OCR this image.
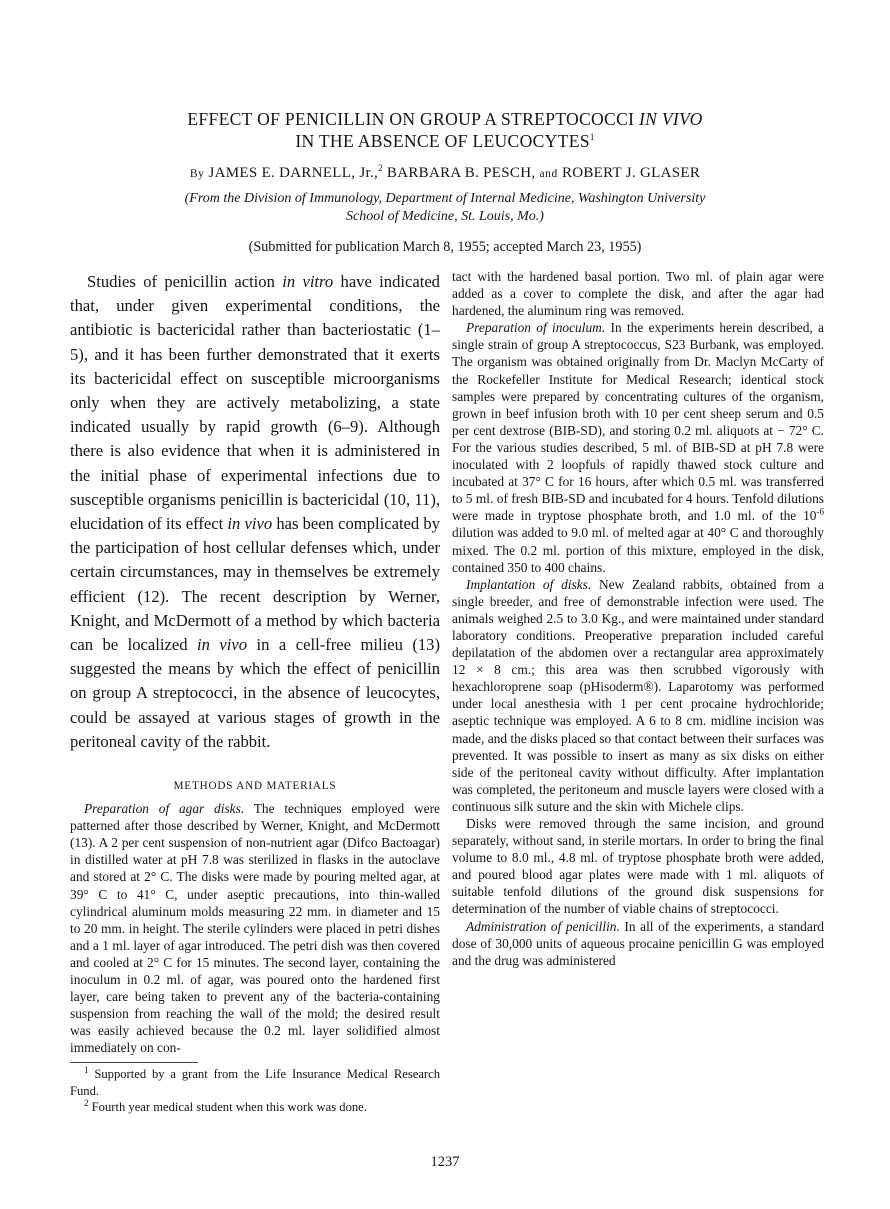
EFFECT OF PENICILLIN ON GROUP A STREPTOCOCCI IN VIVO
IN THE ABSENCE OF LEUCOCYTES$^1$
By JAMES E. DARNELL, Jr.,$^2$ BARBARA B. PESCH, and ROBERT J. GLASER
(From the Division of Immunology, Department of Internal Medicine, Washington University
School of Medicine, St. Louis, Mo.)
(Submitted for publication March 8, 1955; accepted March 23, 1955)

Studies of penicillin action in vitro have indicated that, under given experimental conditions, the antibiotic is bactericidal rather than bacteriostatic (1–5), and it has been further demonstrated that it exerts its bactericidal effect on susceptible microorganisms only when they are actively metabolizing, a state indicated usually by rapid growth (6–9). Although there is also evidence that when it is administered in the initial phase of experimental infections due to susceptible organisms penicillin is bactericidal (10, 11), elucidation of its effect in vivo has been complicated by the participation of host cellular defenses which, under certain circumstances, may in themselves be extremely efficient (12). The recent description by Werner, Knight, and McDermott of a method by which bacteria can be localized in vivo in a cell-free milieu (13) suggested the means by which the effect of penicillin on group A streptococci, in the absence of leucocytes, could be assayed at various stages of growth in the peritoneal cavity of the rabbit.

METHODS AND MATERIALS

Preparation of agar disks. The techniques employed were patterned after those described by Werner, Knight, and McDermott (13). A 2 per cent suspension of non-nutrient agar (Difco Bactoagar) in distilled water at pH 7.8 was sterilized in flasks in the autoclave and stored at 2° C. The disks were made by pouring melted agar, at 39° C to 41° C, under aseptic precautions, into thin-walled cylindrical aluminum molds measuring 22 mm. in diameter and 15 to 20 mm. in height. The sterile cylinders were placed in petri dishes and a 1 ml. layer of agar introduced. The petri dish was then covered and cooled at 2° C for 15 minutes. The second layer, containing the inoculum in 0.2 ml. of agar, was poured onto the hardened first layer, care being taken to prevent any of the bacteria-containing suspension from reaching the wall of the mold; the desired result was easily achieved because the 0.2 ml. layer solidified almost immediately on con-

$^1$ Supported by a grant from the Life Insurance Medical Research Fund.

$^2$ Fourth year medical student when this work was done.

tact with the hardened basal portion. Two ml. of plain agar were added as a cover to complete the disk, and after the agar had hardened, the aluminum ring was removed.

Preparation of inoculum. In the experiments herein described, a single strain of group A streptococcus, S23 Burbank, was employed. The organism was obtained originally from Dr. Maclyn McCarty of the Rockefeller Institute for Medical Research; identical stock samples were prepared by concentrating cultures of the organism, grown in beef infusion broth with 10 per cent sheep serum and 0.5 per cent dextrose (BIB-SD), and storing 0.2 ml. aliquots at − 72° C. For the various studies described, 5 ml. of BIB-SD at pH 7.8 were inoculated with 2 loopfuls of rapidly thawed stock culture and incubated at 37° C for 16 hours, after which 0.5 ml. was transferred to 5 ml. of fresh BIB-SD and incubated for 4 hours. Tenfold dilutions were made in tryptose phosphate broth, and 1.0 ml. of the $10^{-6}$ dilution was added to 9.0 ml. of melted agar at 40° C and thoroughly mixed. The 0.2 ml. portion of this mixture, employed in the disk, contained 350 to 400 chains.

Implantation of disks. New Zealand rabbits, obtained from a single breeder, and free of demonstrable infection were used. The animals weighed 2.5 to 3.0 Kg., and were maintained under standard laboratory conditions. Preoperative preparation included careful depilatation of the abdomen over a rectangular area approximately 12 × 8 cm.; this area was then scrubbed vigorously with hexachloroprene soap (pHisoderm®). Laparotomy was performed under local anesthesia with 1 per cent procaine hydrochloride; aseptic technique was employed. A 6 to 8 cm. midline incision was made, and the disks placed so that contact between their surfaces was prevented. It was possible to insert as many as six disks on either side of the peritoneal cavity without difficulty. After implantation was completed, the peritoneum and muscle layers were closed with a continuous silk suture and the skin with Michele clips.

Disks were removed through the same incision, and ground separately, without sand, in sterile mortars. In order to bring the final volume to 8.0 ml., 4.8 ml. of tryptose phosphate broth were added, and poured blood agar plates were made with 1 ml. aliquots of suitable tenfold dilutions of the ground disk suspensions for determination of the number of viable chains of streptococci.

Administration of penicillin. In all of the experiments, a standard dose of 30,000 units of aqueous procaine penicillin G was employed and the drug was administered

1237
